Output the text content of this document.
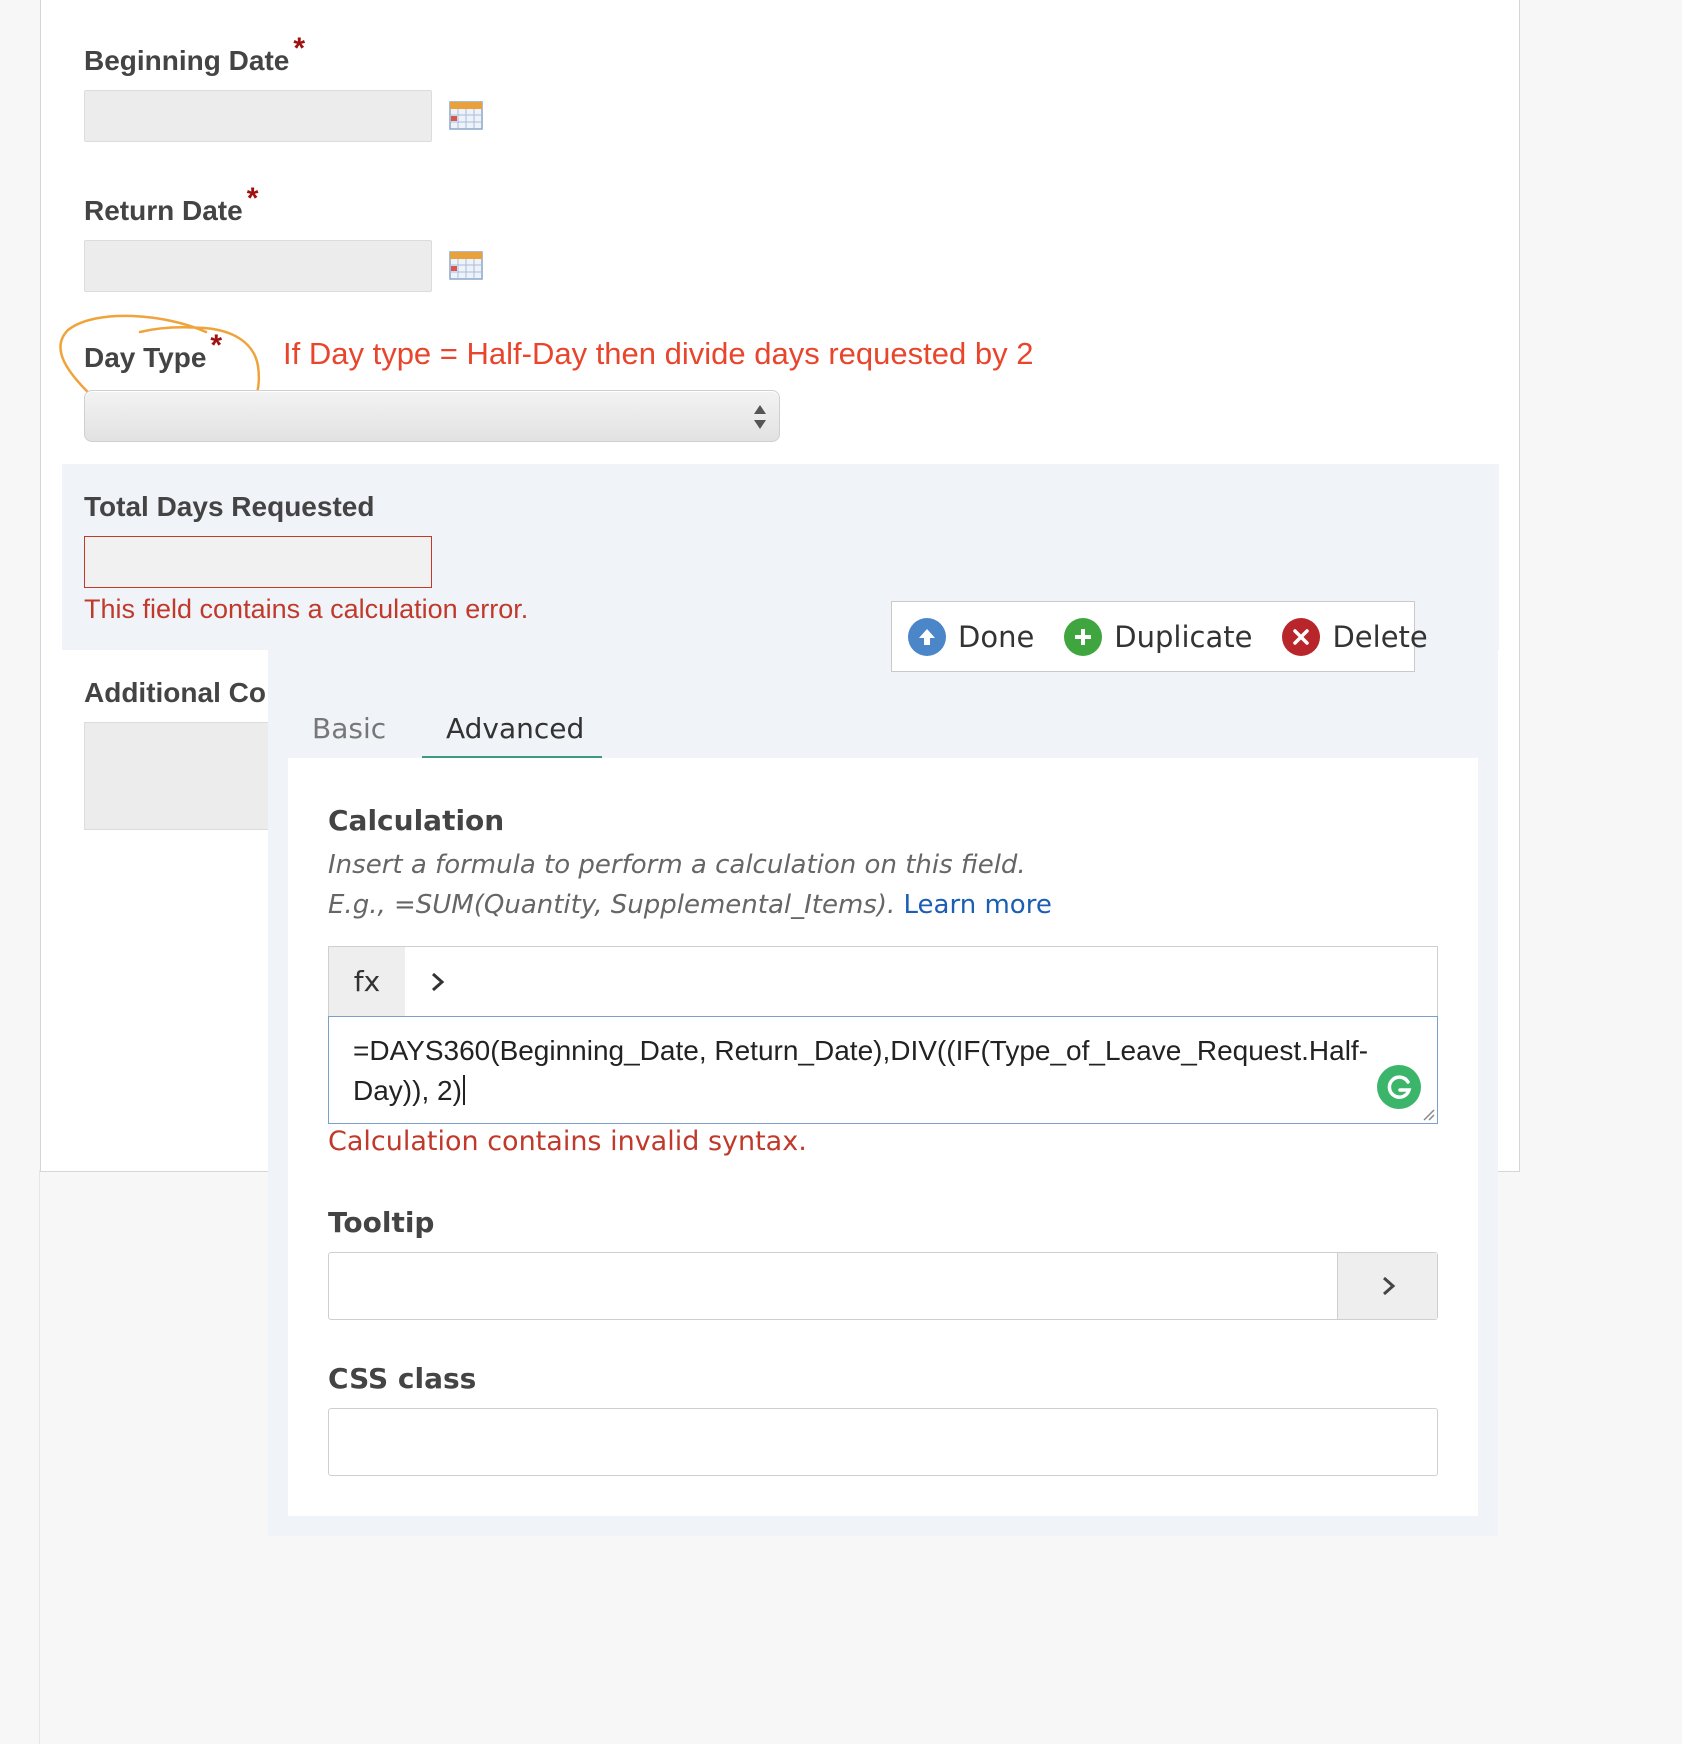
Beginning Date *
Return Date *
Day Type * If Day type = Half-Day then divide days requested by 2
Total Days Requested
This field contains a calculation error.
Additional Co
Done	Duplicate	Delete
Basic Advanced
Calculation
Insert a formula to perform a calculation on this field.
E.g., =SUM(Quantity, Supplemental_Items). Learn more
fx
=DAYS360(Beginning_Date, Return_Date),DIV((IF(Type_of_Leave_Request.Half-Day)), 2)
Calculation contains invalid syntax.
Tooltip
CSS class
